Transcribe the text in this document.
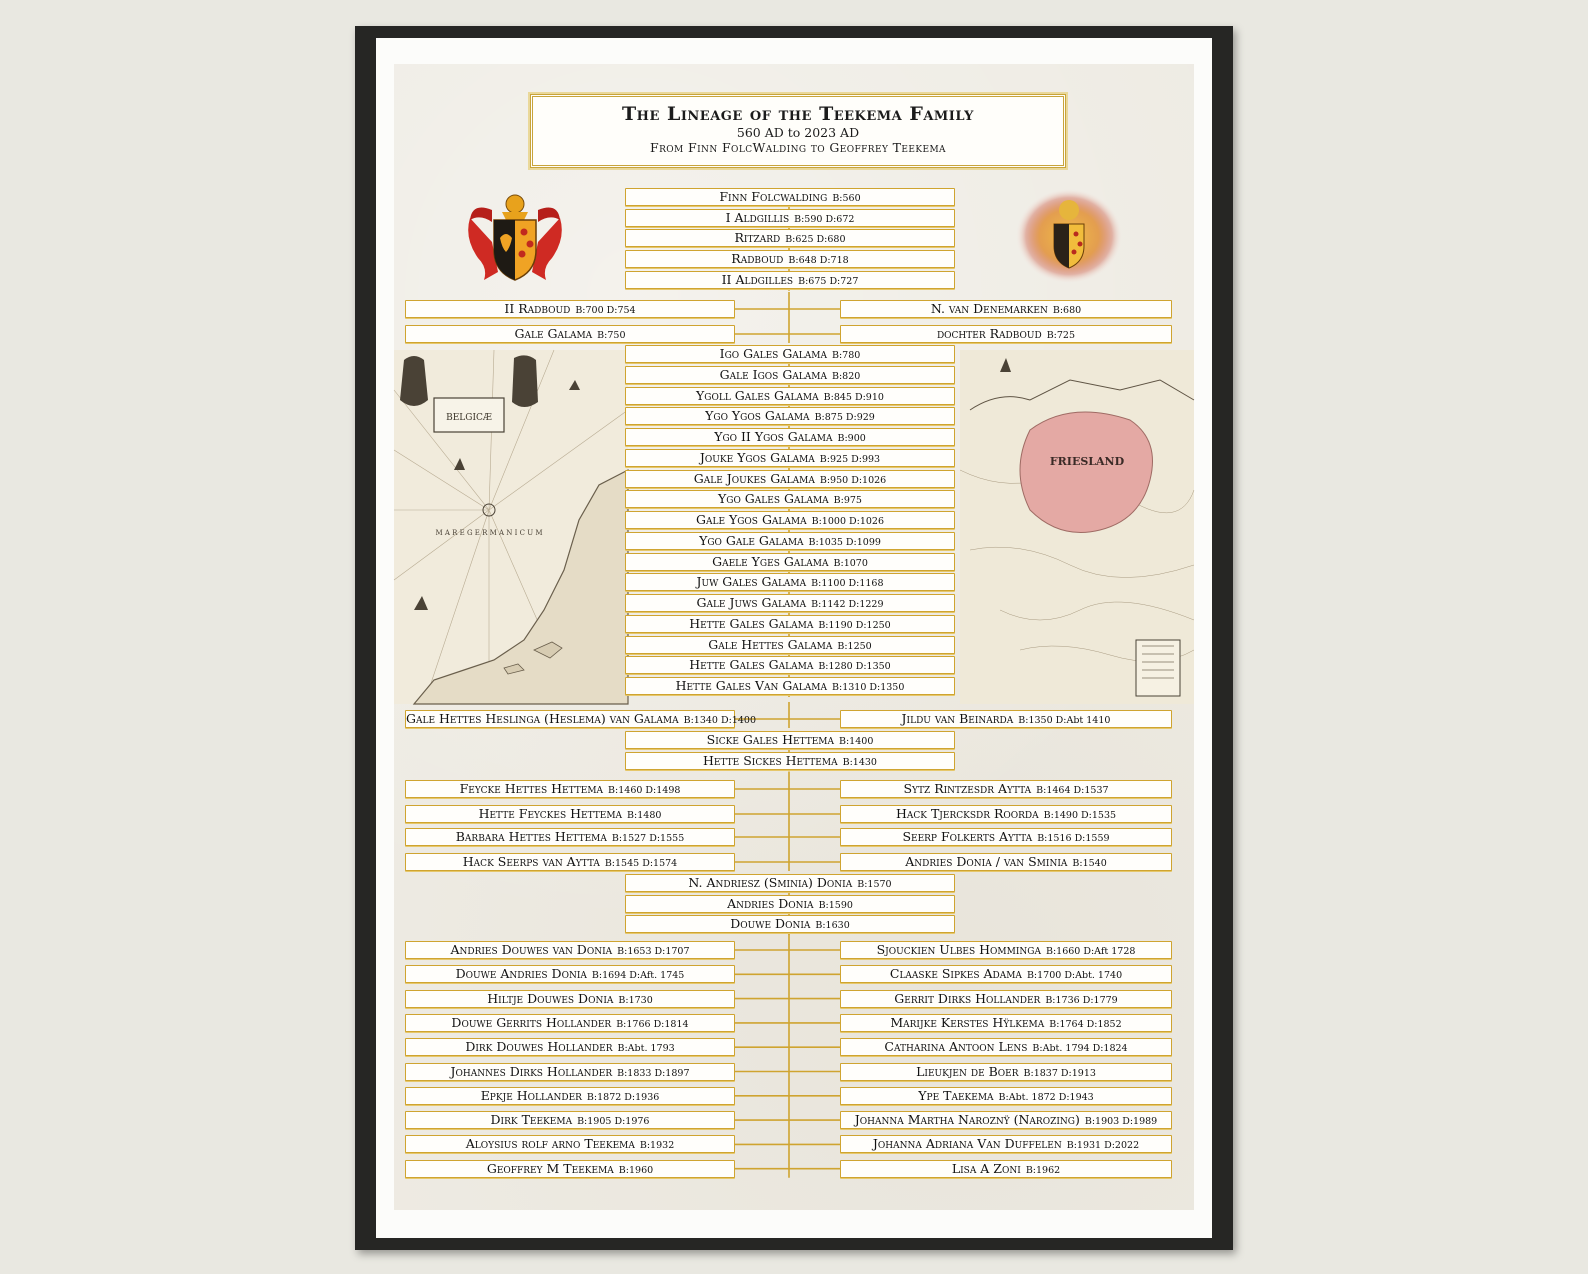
BELGICÆ
M A R E G E R M A N I C U M
FRIESLAND
The Lineage of the Teekema Family
560 AD to 2023 AD
From Finn FolcWalding to Geoffrey Teekema
Finn Folcwalding B:560
I Aldgillis B:590 D:672
Ritzard B:625 D:680
Radboud B:648 D:718
II Aldgilles B:675 D:727
II Radboud B:700 D:754	N. van Denemarken B:680
Gale Galama B:750	dochter Radboud B:725
Igo Gales Galama B:780
Gale Igos Galama B:820
Ygoll Gales Galama B:845 D:910
Ygo Ygos Galama B:875 D:929
Ygo II Ygos Galama B:900
Jouke Ygos Galama B:925 D:993
Gale Joukes Galama B:950 D:1026
Ygo Gales Galama B:975
Gale Ygos Galama B:1000 D:1026
Ygo Gale Galama B:1035 D:1099
Gaele Yges Galama B:1070
Juw Gales Galama B:1100 D:1168
Gale Juws Galama B:1142 D:1229
Hette Gales Galama B:1190 D:1250
Gale Hettes Galama B:1250
Hette Gales Galama B:1280 D:1350
Hette Gales Van Galama B:1310 D:1350
Gale Hettes Heslinga (Heslema) van Galama B:1340 D:1400	Jildu van Beinarda B:1350 D:Abt 1410
Sicke Gales Hettema B:1400
Hette Sickes Hettema B:1430
Feycke Hettes Hettema B:1460 D:1498	Sytz Rintzesdr Aytta B:1464 D:1537
Hette Feyckes Hettema B:1480	Hack Tjercksdr Roorda B:1490 D:1535
Barbara Hettes Hettema B:1527 D:1555	Seerp Folkerts Aytta B:1516 D:1559
Hack Seerps van Aytta B:1545 D:1574	Andries Donia / van Sminia B:1540
N. Andriesz (Sminia) Donia B:1570
Andries Donia B:1590
Douwe Donia B:1630
Andries Douwes van Donia B:1653 D:1707	Sjouckien Ulbes Homminga B:1660 D:Aft 1728
Douwe Andries Donia B:1694 D:Aft. 1745	Claaske Sipkes Adama B:1700 D:Abt. 1740
Hiltje Douwes Donia B:1730	Gerrit Dirks Hollander B:1736 D:1779
Douwe Gerrits Hollander B:1766 D:1814	Marijke Kerstes Hÿlkema B:1764 D:1852
Dirk Douwes Hollander B:Abt. 1793	Catharina Antoon Lens B:Abt. 1794 D:1824
Johannes Dirks Hollander B:1833 D:1897	Lieukjen de Boer B:1837 D:1913
Epkje Hollander B:1872 D:1936	Ype Taekema B:Abt. 1872 D:1943
Dirk Teekema B:1905 D:1976	Johanna Martha Naroznÿ (Narozing) B:1903 D:1989
Aloysius rolf arno Teekema B:1932	Johanna Adriana Van Duffelen B:1931 D:2022
Geoffrey M Teekema B:1960	Lisa A Zoni B:1962
